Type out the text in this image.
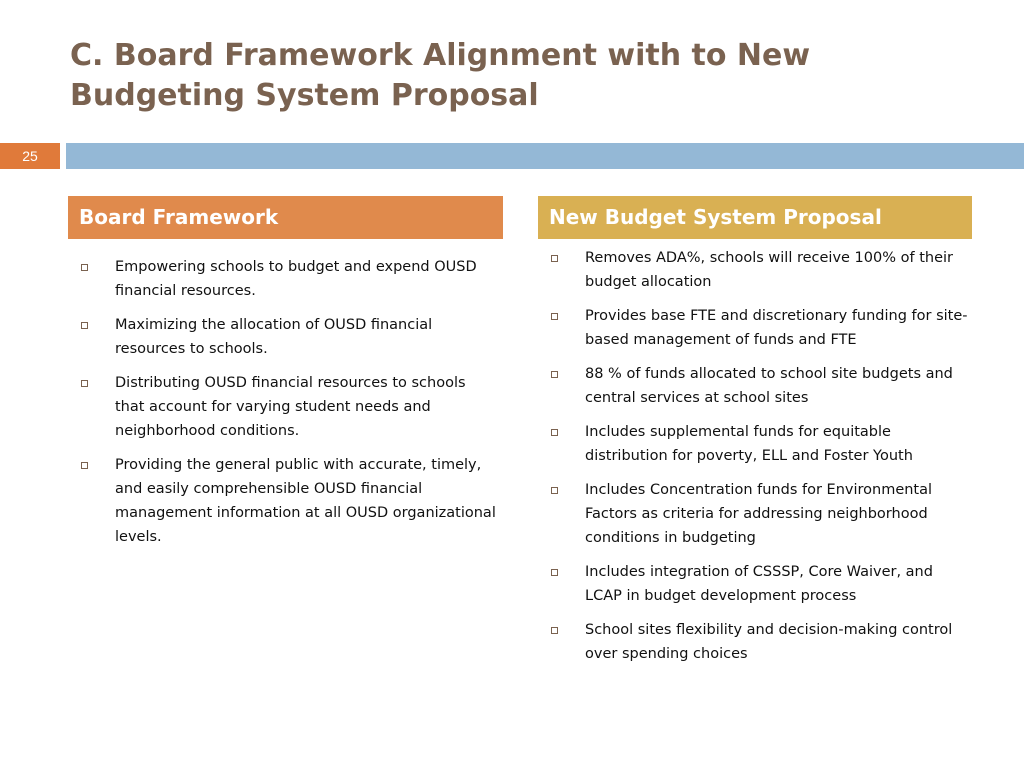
C. Board Framework Alignment with to New
Budgeting System Proposal
25
Board Framework	New Budget System Proposal
Empowering schools to budget and expend OUSD financial resources.
Maximizing the allocation of OUSD financial resources to schools.
Distributing OUSD financial resources to schools that account for varying student needs and neighborhood conditions.
Providing the general public with accurate, timely, and easily comprehensible OUSD financial management information at all OUSD organizational levels.
Removes ADA%, schools will receive 100% of their budget allocation
Provides base FTE and discretionary funding for site-based management of funds and FTE
88 % of funds allocated to school site budgets and central services at school sites
Includes supplemental funds for equitable distribution for poverty, ELL and Foster Youth
Includes Concentration funds for Environmental Factors as criteria for addressing neighborhood conditions in budgeting
Includes integration of CSSSP, Core Waiver, and LCAP in budget development process
School sites flexibility and decision-making control over spending choices
